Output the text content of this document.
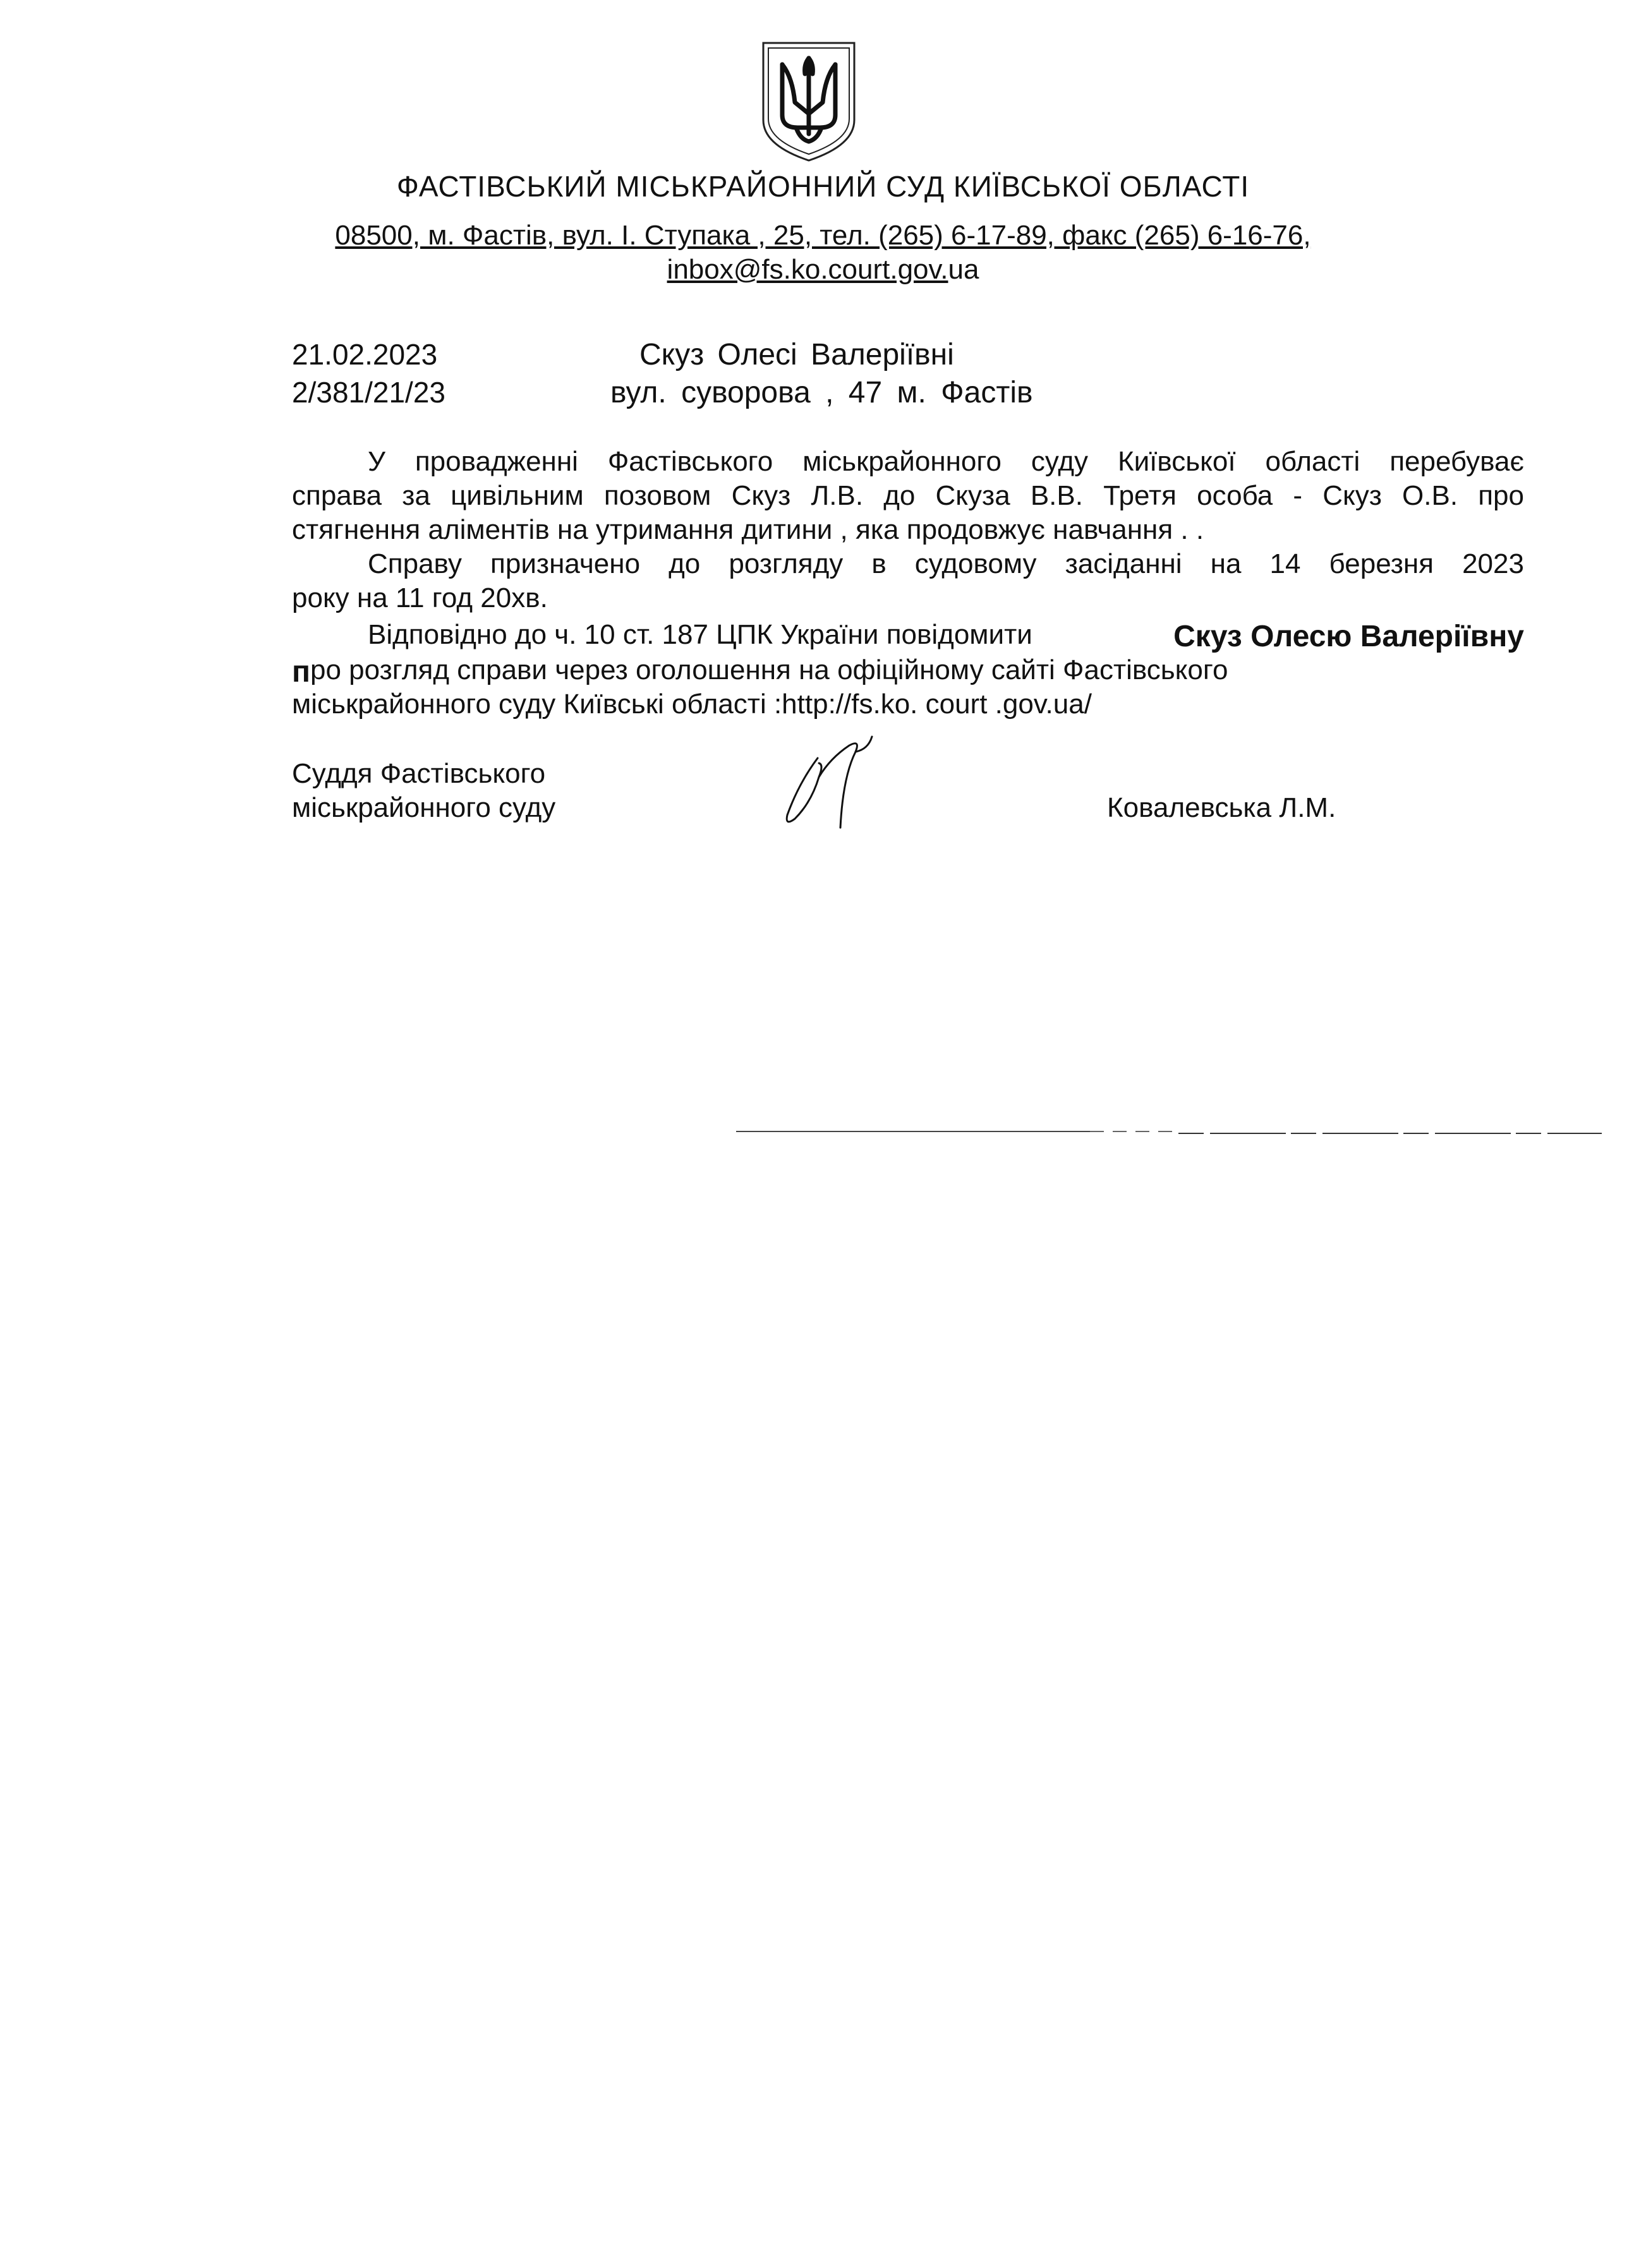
ФАСТІВСЬКИЙ МІСЬКРАЙОННИЙ СУД КИЇВСЬКОЇ ОБЛАСТІ
08500, м. Фастів, вул. І. Ступака , 25, тел. (265) 6-17-89, факс (265) 6-16-76,
inbox@fs.ko.court.gov.ua
21.02.2023
2/381/21/23
Скуз Олесі Валеріївні
вул. суворова , 47 м. Фастів
У провадженні Фастівського міськрайонного суду Київської області перебуває
справа за цивільним позовом Скуз Л.В. до Скуза В.В. Третя особа - Скуз О.В. про
стягнення аліментів на утримання дитини , яка продовжує навчання . .
Справу призначено до розгляду в судовому засіданні на 14 березня 2023
року на 11 год 20хв.
Відповідно до ч. 10 ст. 187 ЦПК України повідомити	Скуз Олесю Валеріївну
п ро розгляд справи через оголошення на офіційному сайті Фастівського
міськрайонного суду Київські області :http://fs.ko. court .gov.ua/
Суддя Фастівського
міськрайонного суду	Ковалевська Л.М.
